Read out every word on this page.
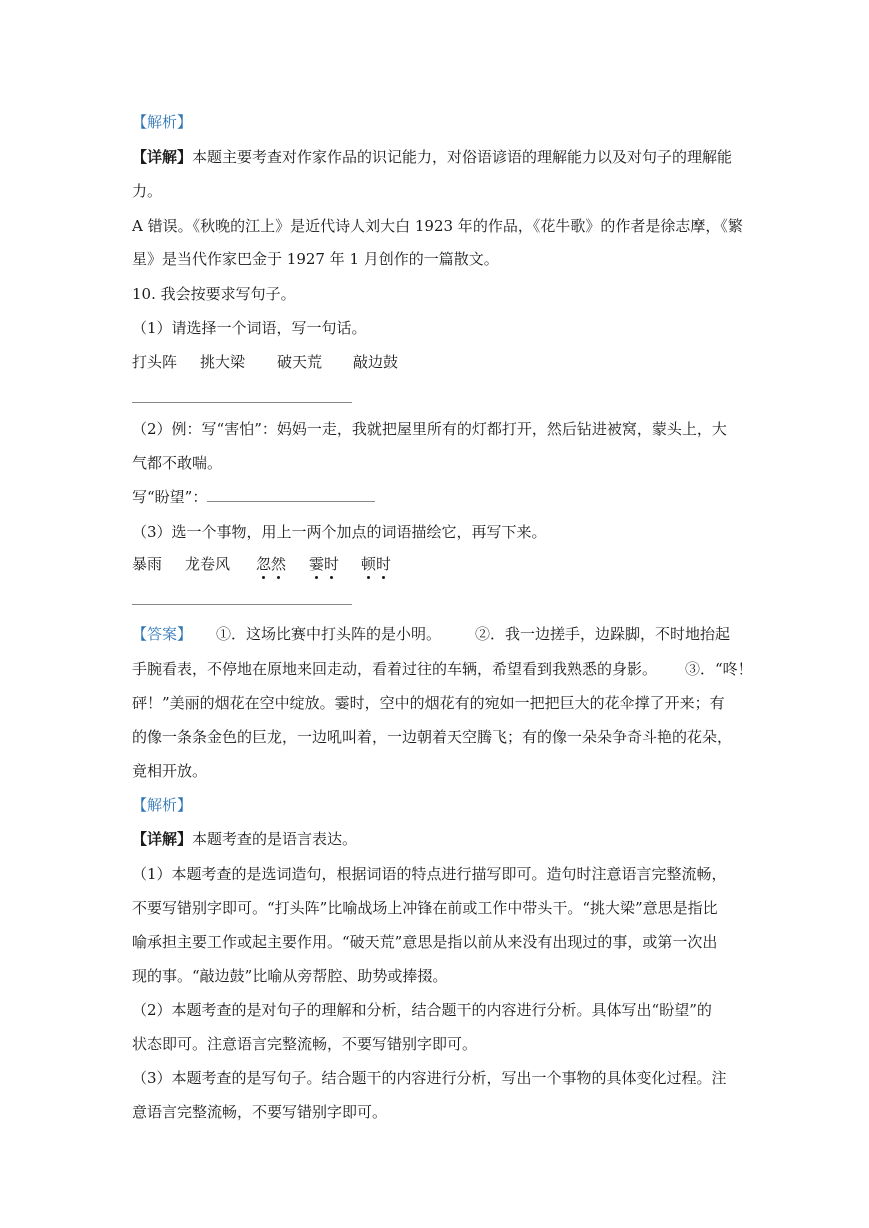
【解析】
【详解】本题主要考查对作家作品的识记能力，对俗语谚语的理解能力以及对句子的理解能
力。
A 错误。《秋晚的江上》是近代诗人刘大白 1923 年的作品，《花牛歌》的作者是徐志摩，《繁
星》是当代作家巴金于 1927 年 1 月创作的一篇散文。
10. 我会按要求写句子。
（1）请选择一个词语，写一句话。
打头阵 挑大梁 破天荒 敲边鼓
（2）例：写“害怕”：妈妈一走，我就把屋里所有的灯都打开，然后钻进被窝，蒙头上，大
气都不敢喘。
写“盼望”：
（3）选一个事物，用上一两个加点的词语描绘它，再写下来。
暴雨 龙卷风 忽然 霎时 顿时
【答案】 ①．这场比赛中打头阵的是小明。 ②．我一边搓手，边跺脚，不时地抬起
手腕看表，不停地在原地来回走动，看着过往的车辆，希望看到我熟悉的身影。 ③．“咚！
砰！”美丽的烟花在空中绽放。霎时，空中的烟花有的宛如一把把巨大的花伞撑了开来；有
的像一条条金色的巨龙，一边吼叫着，一边朝着天空腾飞；有的像一朵朵争奇斗艳的花朵，
竟相开放。
【解析】
【详解】本题考查的是语言表达。
（1）本题考查的是选词造句，根据词语的特点进行描写即可。造句时注意语言完整流畅，
不要写错别字即可。“打头阵”比喻战场上冲锋在前或工作中带头干。“挑大梁”意思是指比
喻承担主要工作或起主要作用。“破天荒”意思是指以前从来没有出现过的事，或第一次出
现的事。“敲边鼓”比喻从旁帮腔、助势或捧掇。
（2）本题考查的是对句子的理解和分析，结合题干的内容进行分析。具体写出“盼望”的
状态即可。注意语言完整流畅，不要写错别字即可。
（3）本题考查的是写句子。结合题干的内容进行分析，写出一个事物的具体变化过程。注
意语言完整流畅，不要写错别字即可。
